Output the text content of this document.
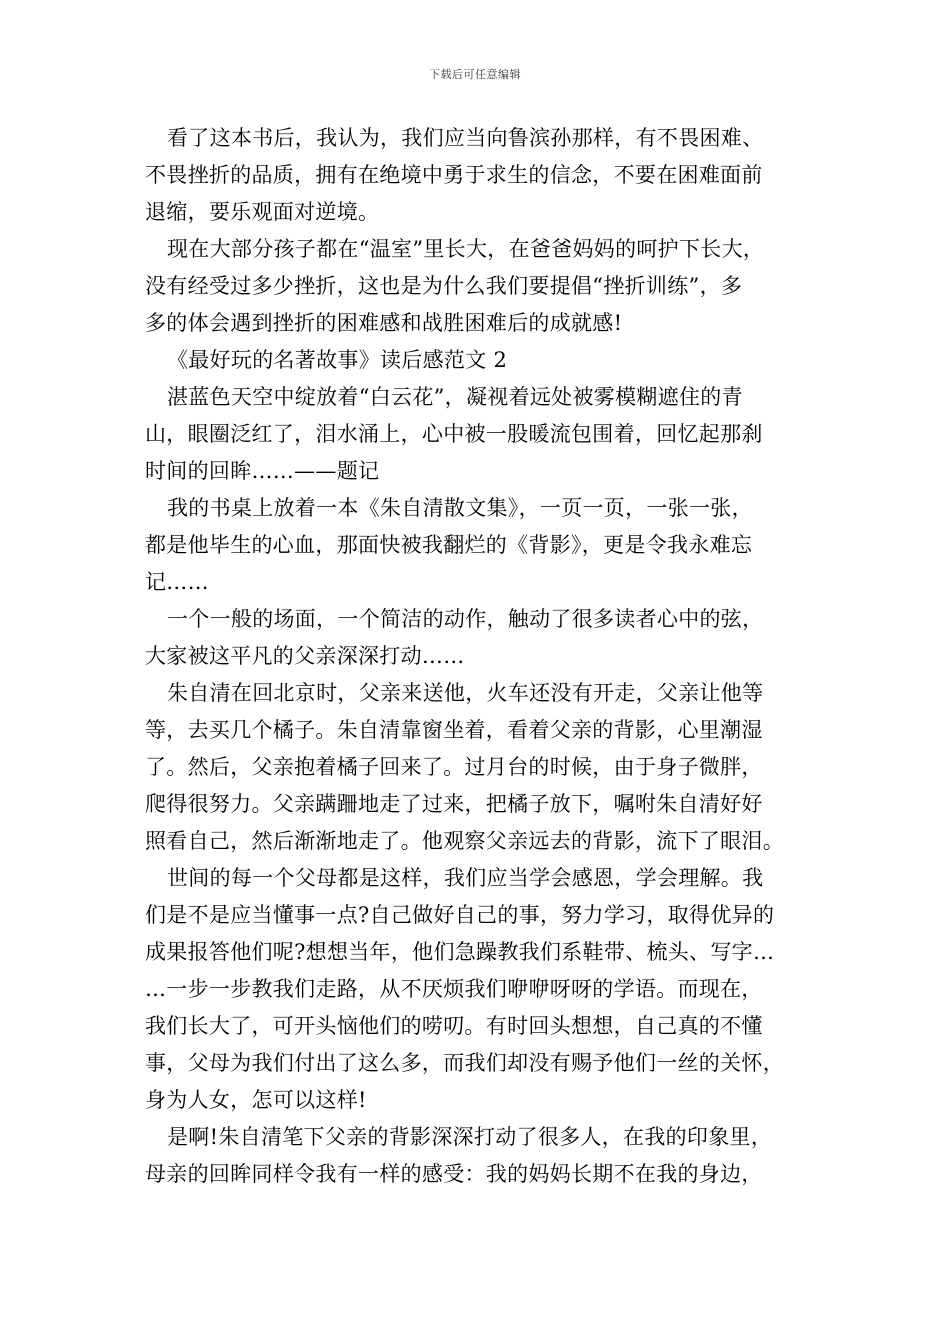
下载后可任意编辑
看了这本书后，我认为，我们应当向鲁滨孙那样，有不畏困难、
不畏挫折的品质，拥有在绝境中勇于求生的信念，不要在困难面前
退缩，要乐观面对逆境。
现在大部分孩子都在“温室”里长大，在爸爸妈妈的呵护下长大，
没有经受过多少挫折，这也是为什么我们要提倡“挫折训练”，多
多的体会遇到挫折的困难感和战胜困难后的成就感!
《最好玩的名著故事》读后感范文 2
湛蓝色天空中绽放着“白云花”，凝视着远处被雾模糊遮住的青
山，眼圈泛红了，泪水涌上，心中被一股暖流包围着，回忆起那刹
时间的回眸……——题记
我的书桌上放着一本《朱自清散文集》，一页一页，一张一张，
都是他毕生的心血，那面快被我翻烂的《背影》，更是令我永难忘
记……
一个一般的场面，一个简洁的动作，触动了很多读者心中的弦，
大家被这平凡的父亲深深打动……
朱自清在回北京时，父亲来送他，火车还没有开走，父亲让他等
等，去买几个橘子。朱自清靠窗坐着，看着父亲的背影，心里潮湿
了。然后，父亲抱着橘子回来了。过月台的时候，由于身子微胖，
爬得很努力。父亲蹒跚地走了过来，把橘子放下，嘱咐朱自清好好
照看自己，然后渐渐地走了。他观察父亲远去的背影，流下了眼泪。
世间的每一个父母都是这样，我们应当学会感恩，学会理解。我
们是不是应当懂事一点?自己做好自己的事，努力学习，取得优异的
成果报答他们呢?想想当年，他们急躁教我们系鞋带、梳头、写字…
…一步一步教我们走路，从不厌烦我们咿咿呀呀的学语。而现在，
我们长大了，可开头恼他们的唠叨。有时回头想想，自己真的不懂
事，父母为我们付出了这么多，而我们却没有赐予他们一丝的关怀，
身为人女，怎可以这样!
是啊!朱自清笔下父亲的背影深深打动了很多人，在我的印象里，
母亲的回眸同样令我有一样的感受：我的妈妈长期不在我的身边，
